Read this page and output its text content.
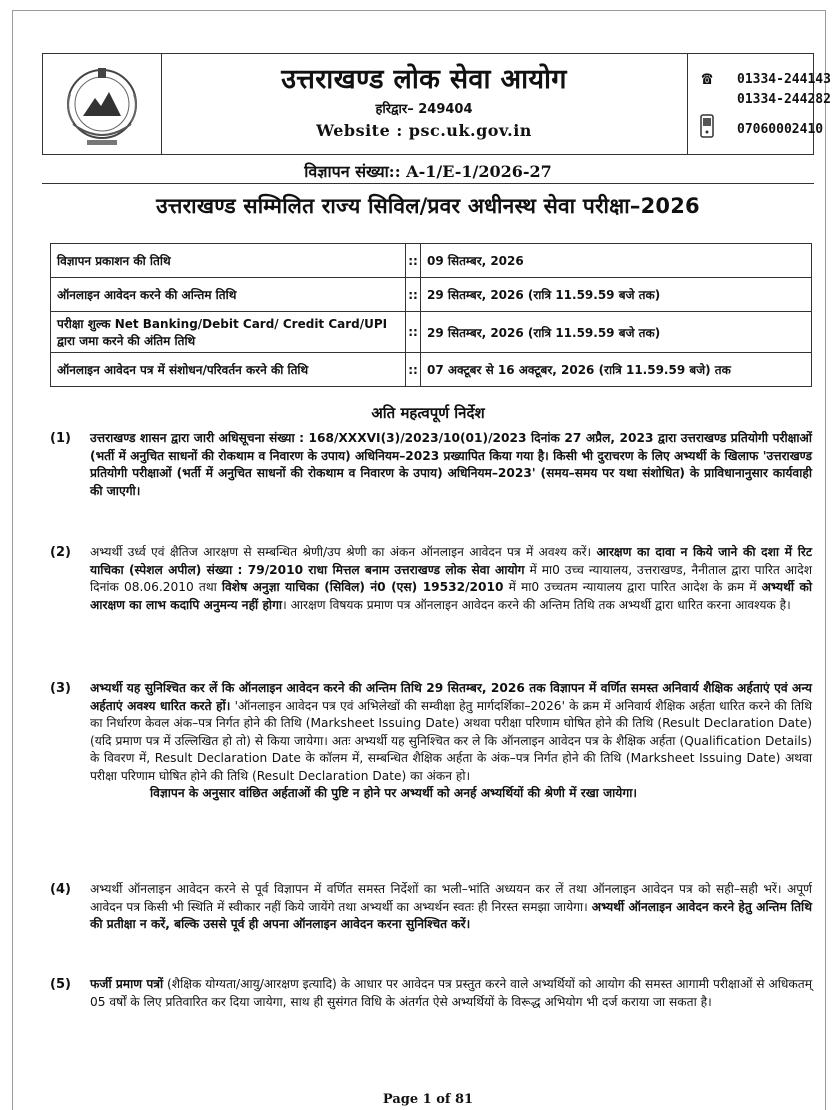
उत्तराखण्ड लोक सेवा आयोग
हरिद्वार– 249404
Website : psc.uk.gov.in
☎	01334-244143
01334-244282
07060002410
विज्ञापन संख्या:: A-1/E-1/2026-27
उत्तराखण्ड सम्मिलित राज्य सिविल/प्रवर अधीनस्थ सेवा परीक्षा–2026
विज्ञापन प्रकाशन की तिथि	::	09 सितम्बर, 2026
ऑनलाइन आवेदन करने की अन्तिम तिथि	::	29 सितम्बर, 2026 (रात्रि 11.59.59 बजे तक)
परीक्षा शुल्क Net Banking/Debit Card/ Credit Card/UPI द्वारा जमा करने की अंतिम तिथि	::	29 सितम्बर, 2026 (रात्रि 11.59.59 बजे तक)
ऑनलाइन आवेदन पत्र में संशोधन/परिवर्तन करने की तिथि	::	07 अक्टूबर से 16 अक्टूबर, 2026 (रात्रि 11.59.59 बजे) तक
अति महत्वपूर्ण निर्देश
(1) उत्तराखण्ड शासन द्वारा जारी अधिसूचना संख्या : 168/XXXVI(3)/2023/10(01)/2023 दिनांक 27 अप्रैल, 2023 द्वारा उत्तराखण्ड प्रतियोगी परीक्षाओं (भर्ती में अनुचित साधनों की रोकथाम व निवारण के उपाय) अधिनियम–2023 प्रख्यापित किया गया है। किसी भी दुराचरण के लिए अभ्यर्थी के खिलाफ 'उत्तराखण्ड प्रतियोगी परीक्षाओं (भर्ती में अनुचित साधनों की रोकथाम व निवारण के उपाय) अधिनियम–2023' (समय–समय पर यथा संशोधित) के प्राविधानानुसार कार्यवाही की जाएगी।
(2) अभ्यर्थी उर्ध्व एवं क्षैतिज आरक्षण से सम्बन्धित श्रेणी/उप श्रेणी का अंकन ऑनलाइन आवेदन पत्र में अवश्य करें। आरक्षण का दावा न किये जाने की दशा में रिट याचिका (स्पेशल अपील) संख्या : 79/2010 राधा मित्तल बनाम उत्तराखण्ड लोक सेवा आयोग में मा0 उच्च न्यायालय, उत्तराखण्ड, नैनीताल द्वारा पारित आदेश दिनांक 08.06.2010 तथा विशेष अनुज्ञा याचिका (सिविल) नं0 (एस) 19532/2010 में मा0 उच्चतम न्यायालय द्वारा पारित आदेश के क्रम में अभ्यर्थी को आरक्षण का लाभ कदापि अनुमन्य नहीं होगा। आरक्षण विषयक प्रमाण पत्र ऑनलाइन आवेदन करने की अन्तिम तिथि तक अभ्यर्थी द्वारा धारित करना आवश्यक है।
(3) अभ्यर्थी यह सुनिश्चित कर लें कि ऑनलाइन आवेदन करने की अन्तिम तिथि 29 सितम्बर, 2026 तक विज्ञापन में वर्णित समस्त अनिवार्य शैक्षिक अर्हताएं एवं अन्य अर्हताएं अवश्य धारित करते हों। 'ऑनलाइन आवेदन पत्र एवं अभिलेखों की सम्वीक्षा हेतु मार्गदर्शिका–2026' के क्रम में अनिवार्य शैक्षिक अर्हता धारित करने की तिथि का निर्धारण केवल अंक–पत्र निर्गत होने की तिथि (Marksheet Issuing Date) अथवा परीक्षा परिणाम घोषित होने की तिथि (Result Declaration Date) (यदि प्रमाण पत्र में उल्लिखित हो तो) से किया जायेगा। अतः अभ्यर्थी यह सुनिश्चित कर ले कि ऑनलाइन आवेदन पत्र के शैक्षिक अर्हता (Qualification Details) के विवरण में, Result Declaration Date के कॉलम में, सम्बन्धित शैक्षिक अर्हता के अंक–पत्र निर्गत होने की तिथि (Marksheet Issuing Date) अथवा परीक्षा परिणाम घोषित होने की तिथि (Result Declaration Date) का अंकन हो।
विज्ञापन के अनुसार वांछित अर्हताओं की पुष्टि न होने पर अभ्यर्थी को अनर्ह अभ्यर्थियों की श्रेणी में रखा जायेगा।
(4) अभ्यर्थी ऑनलाइन आवेदन करने से पूर्व विज्ञापन में वर्णित समस्त निर्देशों का भली–भांति अध्ययन कर लें तथा ऑनलाइन आवेदन पत्र को सही–सही भरें। अपूर्ण आवेदन पत्र किसी भी स्थिति में स्वीकार नहीं किये जायेंगे तथा अभ्यर्थी का अभ्यर्थन स्वतः ही निरस्त समझा जायेगा। अभ्यर्थी ऑनलाइन आवेदन करने हेतु अन्तिम तिथि की प्रतीक्षा न करें, बल्कि उससे पूर्व ही अपना ऑनलाइन आवेदन करना सुनिश्चित करें।
(5) फर्जी प्रमाण पत्रों (शैक्षिक योग्यता/आयु/आरक्षण इत्यादि) के आधार पर आवेदन पत्र प्रस्तुत करने वाले अभ्यर्थियों को आयोग की समस्त आगामी परीक्षाओं से अधिकतम् 05 वर्षों के लिए प्रतिवारित कर दिया जायेगा, साथ ही सुसंगत विधि के अंतर्गत ऐसे अभ्यर्थियों के विरूद्ध अभियोग भी दर्ज कराया जा सकता है।
Page 1 of 81
